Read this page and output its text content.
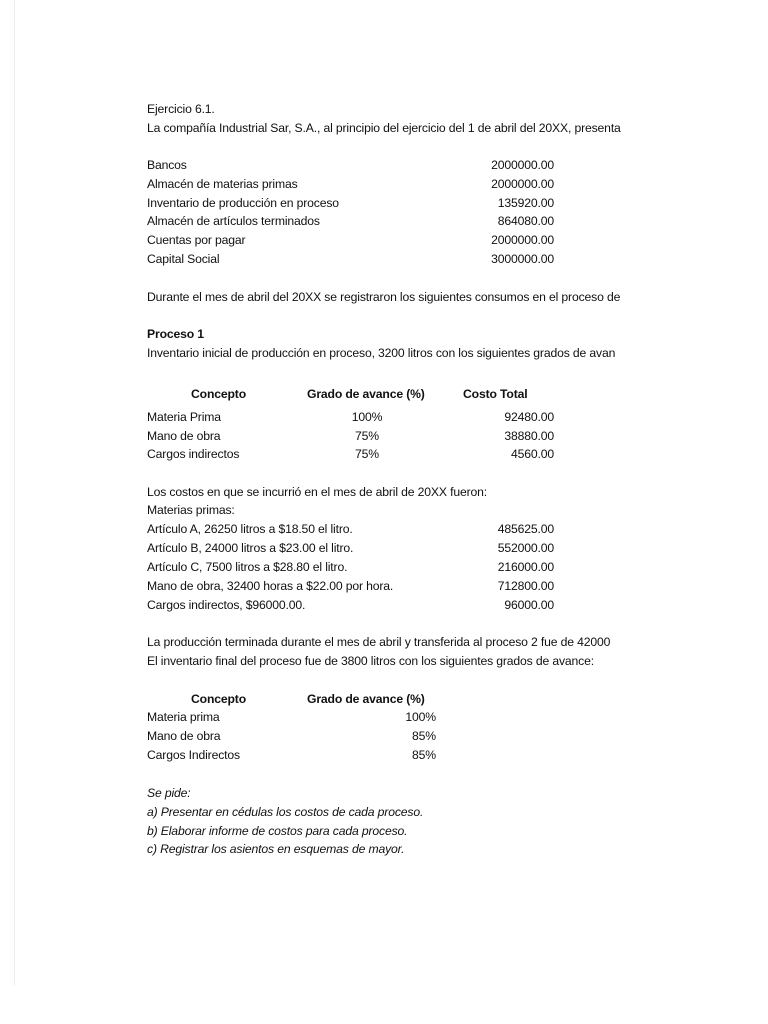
Ejercicio 6.1.
La compañía Industrial Sar, S.A., al principio del ejercicio del 1 de abril del 20XX, presenta
Bancos	2000000.00
Almacén de materias primas	2000000.00
Inventario de producción en proceso	135920.00
Almacén de artículos terminados	864080.00
Cuentas por pagar	2000000.00
Capital Social	3000000.00
Durante el mes de abril del 20XX se registraron los siguientes consumos en el proceso de
Proceso 1
Inventario inicial de producción en proceso, 3200 litros con los siguientes grados de avan
Concepto	Grado de avance (%)	Costo Total
Materia Prima	100%	92480.00
Mano de obra	75%	38880.00
Cargos indirectos	75%	4560.00
Los costos en que se incurrió en el mes de abril de 20XX fueron:
Materias primas:
Artículo A, 26250 litros a $18.50 el litro.	485625.00
Artículo B, 24000 litros a $23.00 el litro.	552000.00
Artículo C, 7500 litros a $28.80 el litro.	216000.00
Mano de obra, 32400 horas a $22.00 por hora.	712800.00
Cargos indirectos, $96000.00.	96000.00
La producción terminada durante el mes de abril y transferida al proceso 2 fue de 42000
El inventario final del proceso fue de 3800 litros con los siguientes grados de avance:
Concepto	Grado de avance (%)
Materia prima	100%
Mano de obra	85%
Cargos Indirectos	85%
Se pide:
a) Presentar en cédulas los costos de cada proceso.
b) Elaborar informe de costos para cada proceso.
c) Registrar los asientos en esquemas de mayor.
